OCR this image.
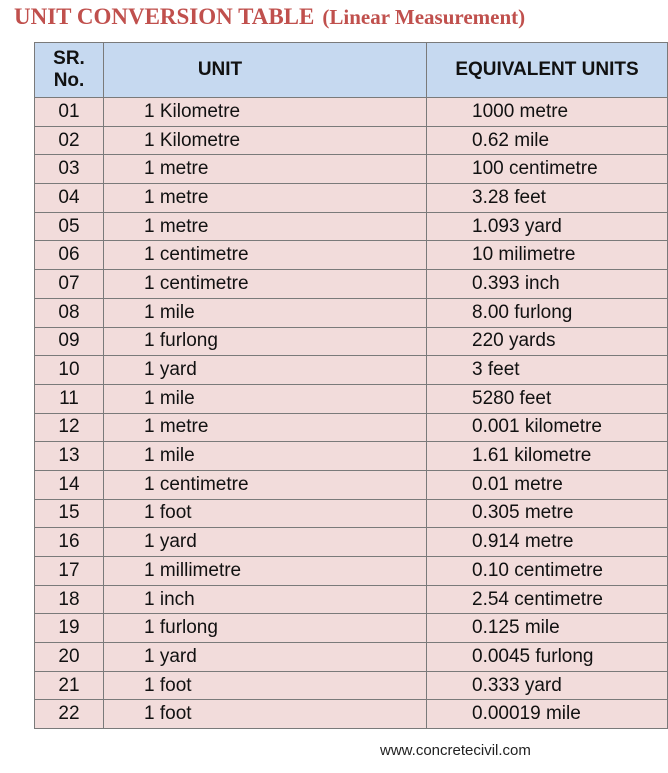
UNIT CONVERSION TABLE (Linear Measurement)
SR.
No.	UNIT	EQUIVALENT UNITS
01	1 Kilometre	1000 metre
02	1 Kilometre	0.62 mile
03	1 metre	100 centimetre
04	1 metre	3.28 feet
05	1 metre	1.093 yard
06	1 centimetre	10 milimetre
07	1 centimetre	0.393 inch
08	1 mile	8.00 furlong
09	1 furlong	220 yards
10	1 yard	3 feet
11	1 mile	5280 feet
12	1 metre	0.001 kilometre
13	1 mile	1.61 kilometre
14	1 centimetre	0.01 metre
15	1 foot	0.305 metre
16	1 yard	0.914 metre
17	1 millimetre	0.10 centimetre
18	1 inch	2.54 centimetre
19	1 furlong	0.125 mile
20	1 yard	0.0045 furlong
21	1 foot	0.333 yard
22	1 foot	0.00019 mile
www.concretecivil.com
